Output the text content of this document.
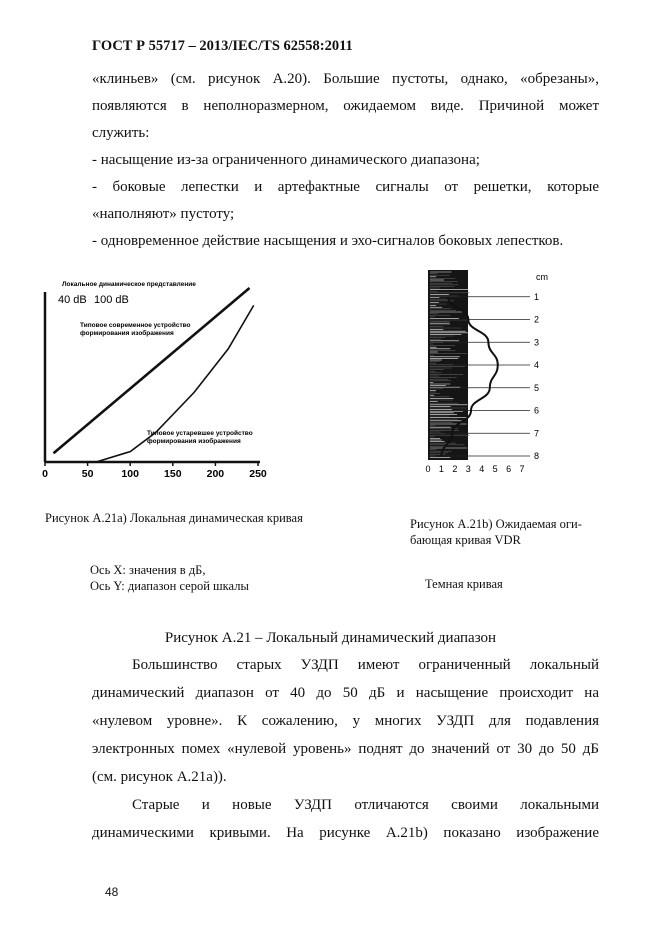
ГОСТ Р 55717 – 2013/IEC/TS 62558:2011
«клиньев» (см. рисунок А.20). Большие пустоты, однако, «обрезаны»,
появляются в неполноразмерном, ожидаемом виде. Причиной может
служить:
- насыщение из-за ограниченного динамического диапазона;
- боковые лепестки и артефактные сигналы от решетки, которые
«наполняют» пустоту;
- одновременное действие насыщения и эхо-сигналов боковых лепестков.
Локальное динамическое представление
40 dB 100 dB
Типовое современное устройство
формирования изображения
Типовое устаревшее устройство
формирования изображения
0	50	100 150 200 250
1
2
3
4
5
6
7
8
cm
0 1 2 3 4 5 6 7
Рисунок А.21a) Локальная динамическая кривая	Рисунок А.21b) Ожидаемая оги-
бающая кривая VDR
Ось X: значения в дБ,
Ось Y: диапазон серой шкалы	Темная кривая
Рисунок А.21 – Локальный динамический диапазон
Большинство старых УЗДП имеют ограниченный локальный
динамический диапазон от 40 до 50 дБ и насыщение происходит на
«нулевом уровне». К сожалению, у многих УЗДП для подавления
электронных помех «нулевой уровень» поднят до значений от 30 до 50 дБ
(см. рисунок А.21а)).
Старые и новые УЗДП отличаются своими локальными
динамическими кривыми. На рисунке А.21b) показано изображение
48
